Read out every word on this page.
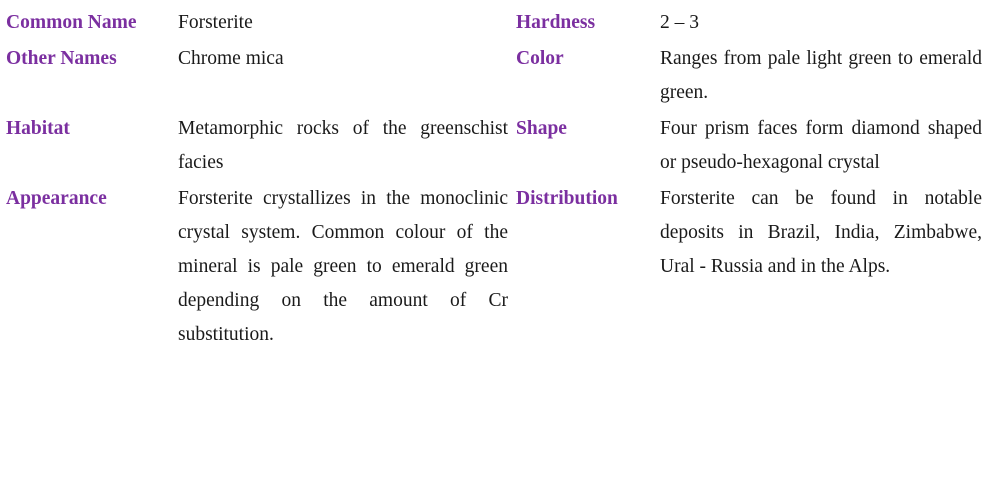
Common Name	Forsterite	Hardness	2 – 3
Other Names	Chrome mica	Color	Ranges from pale light green to emerald green.
Habitat	Metamorphic rocks of the greenschist facies	Shape	Four prism faces form diamond shaped or pseudo-hexagonal crystal
Appearance	Forsterite crystallizes in the monoclinic crystal system. Common colour of the mineral is pale green to emerald green depending on the amount of Cr substitution.	Distribution	Forsterite can be found in notable deposits in Brazil, India, Zimbabwe, Ural - Russia and in the Alps.
